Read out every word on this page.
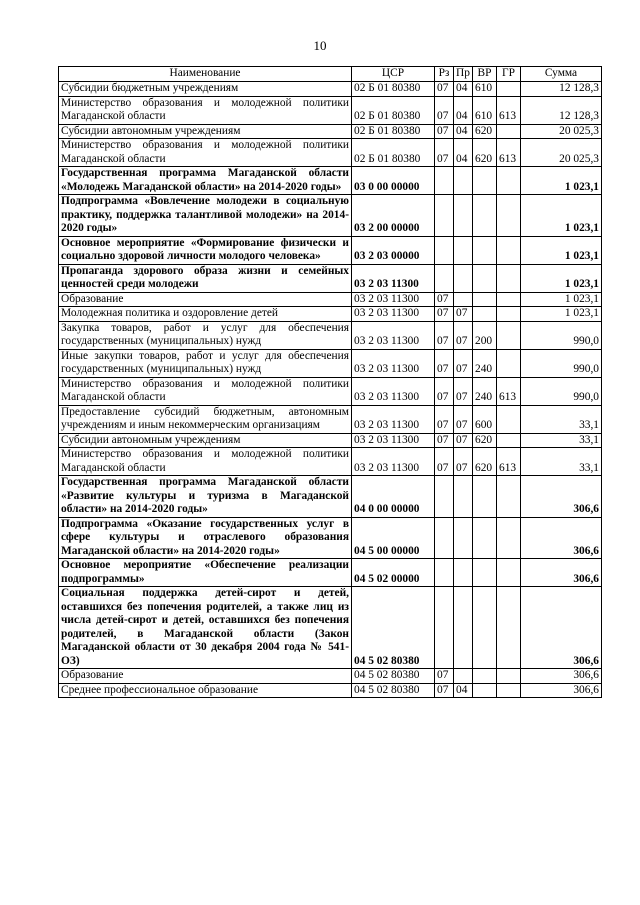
10
Наименование	ЦСР	Рз	Пр	ВР	ГР	Сумма
Субсидии бюджетным учреждениям	02 Б 01 80380	07	04	610		12 128,3
Министерство образования и молодежной политики Магаданской области	02 Б 01 80380	07	04	610	613	12 128,3
Субсидии автономным учреждениям	02 Б 01 80380	07	04	620		20 025,3
Министерство образования и молодежной политики Магаданской области	02 Б 01 80380	07	04	620	613	20 025,3
Государственная программа Магаданской области «Молодежь Магаданской области» на 2014-2020 годы»	03 0 00 00000					1 023,1
Подпрограмма «Вовлечение молодежи в социальную практику, поддержка талантливой молодежи» на 2014-2020 годы»	03 2 00 00000					1 023,1
Основное мероприятие «Формирование физически и социально здоровой личности молодого человека»	03 2 03 00000					1 023,1
Пропаганда здорового образа жизни и семейных ценностей среди молодежи	03 2 03 11300					1 023,1
Образование	03 2 03 11300	07				1 023,1
Молодежная политика и оздоровление детей	03 2 03 11300	07	07			1 023,1
Закупка товаров, работ и услуг для обеспечения государственных (муниципальных) нужд	03 2 03 11300	07	07	200		990,0
Иные закупки товаров, работ и услуг для обеспечения государственных (муниципальных) нужд	03 2 03 11300	07	07	240		990,0
Министерство образования и молодежной политики Магаданской области	03 2 03 11300	07	07	240	613	990,0
Предоставление субсидий бюджетным, автономным учреждениям и иным некоммерческим организациям	03 2 03 11300	07	07	600		33,1
Субсидии автономным учреждениям	03 2 03 11300	07	07	620		33,1
Министерство образования и молодежной политики Магаданской области	03 2 03 11300	07	07	620	613	33,1
Государственная программа Магаданской области «Развитие культуры и туризма в Магаданской области» на 2014-2020 годы»	04 0 00 00000					306,6
Подпрограмма «Оказание государственных услуг в сфере культуры и отраслевого образования Магаданской области» на 2014-2020 годы»	04 5 00 00000					306,6
Основное мероприятие «Обеспечение реализации подпрограммы»	04 5 02 00000					306,6
Социальная поддержка детей-сирот и детей, оставшихся без попечения родителей, а также лиц из числа детей-сирот и детей, оставшихся без попечения родителей, в Магаданской области (Закон Магаданской области от 30 декабря 2004 года № 541-ОЗ)	04 5 02 80380					306,6
Образование	04 5 02 80380	07				306,6
Среднее профессиональное образование	04 5 02 80380	07	04			306,6
